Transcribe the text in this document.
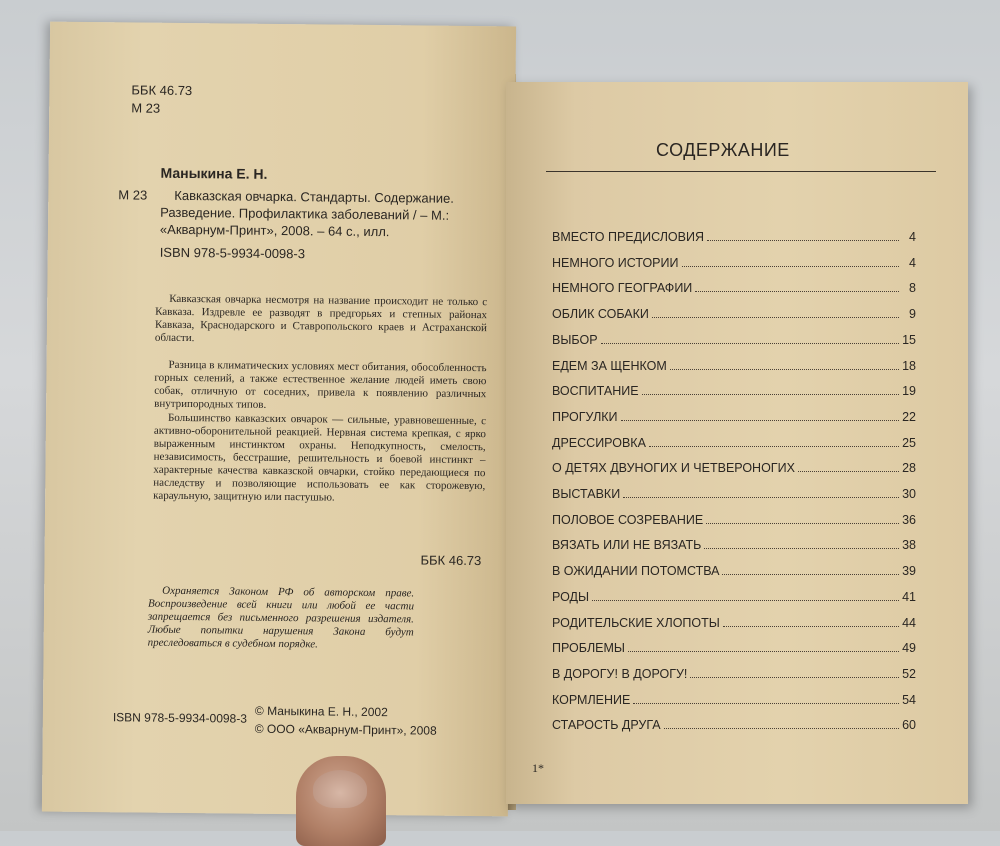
ББК 46.73
М 23
Маныкина Е. Н.
М 23 Кавказская овчарка. Стандарты. Содержание.
Разведение. Профилактика заболеваний / – М.:
«Акварнум-Принт», 2008. – 64 с., илл.
ISBN 978-5-9934-0098-3
Кавказская овчарка несмотря на название происходит не только с Кавказа. Издревле ее разводят в предгорьях и степных районах Кавказа, Краснодарского и Ставропольского краев и Астраханской области.
Разница в климатических условиях мест обитания, обособленность горных селений, а также естественное желание людей иметь свою собак, отличную от соседних, привела к появлению различных внутрипородных типов.
Большинство кавказских овчарок — сильные, уравновешенные, с активно-оборонительной реакцией. Нервная система крепкая, с ярко выраженным инстинктом охраны. Неподкупность, смелость, независимость, бесстрашие, решительность и боевой инстинкт – характерные качества кавказской овчарки, стойко передающиеся по наследству и позволяющие использовать ее как сторожевую, караульную, защитную или пастушью.
ББК 46.73
Охраняется Законом РФ об авторском праве. Воспроизведение всей книги или любой ее части запрещается без письменного разрешения издателя. Любые попытки нарушения Закона будут преследоваться в судебном порядке.
ISBN 978-5-9934-0098-3 © Маныкина Е. Н., 2002
© ООО «Акварнум-Принт», 2008
СОДЕРЖАНИЕ
ВМЕСТО ПРЕДИСЛОВИЯ	4
НЕМНОГО ИСТОРИИ	4
НЕМНОГО ГЕОГРАФИИ	8
ОБЛИК СОБАКИ	9
ВЫБОР	15
ЕДЕМ ЗА ЩЕНКОМ	18
ВОСПИТАНИЕ	19
ПРОГУЛКИ	22
ДРЕССИРОВКА	25
О ДЕТЯХ ДВУНОГИХ И ЧЕТВЕРОНОГИХ	28
ВЫСТАВКИ	30
ПОЛОВОЕ СОЗРЕВАНИЕ	36
ВЯЗАТЬ ИЛИ НЕ ВЯЗАТЬ	38
В ОЖИДАНИИ ПОТОМСТВА	39
РОДЫ	41
РОДИТЕЛЬСКИЕ ХЛОПОТЫ	44
ПРОБЛЕМЫ	49
В ДОРОГУ! В ДОРОГУ!	52
КОРМЛЕНИЕ	54
СТАРОСТЬ ДРУГА	60
1*
